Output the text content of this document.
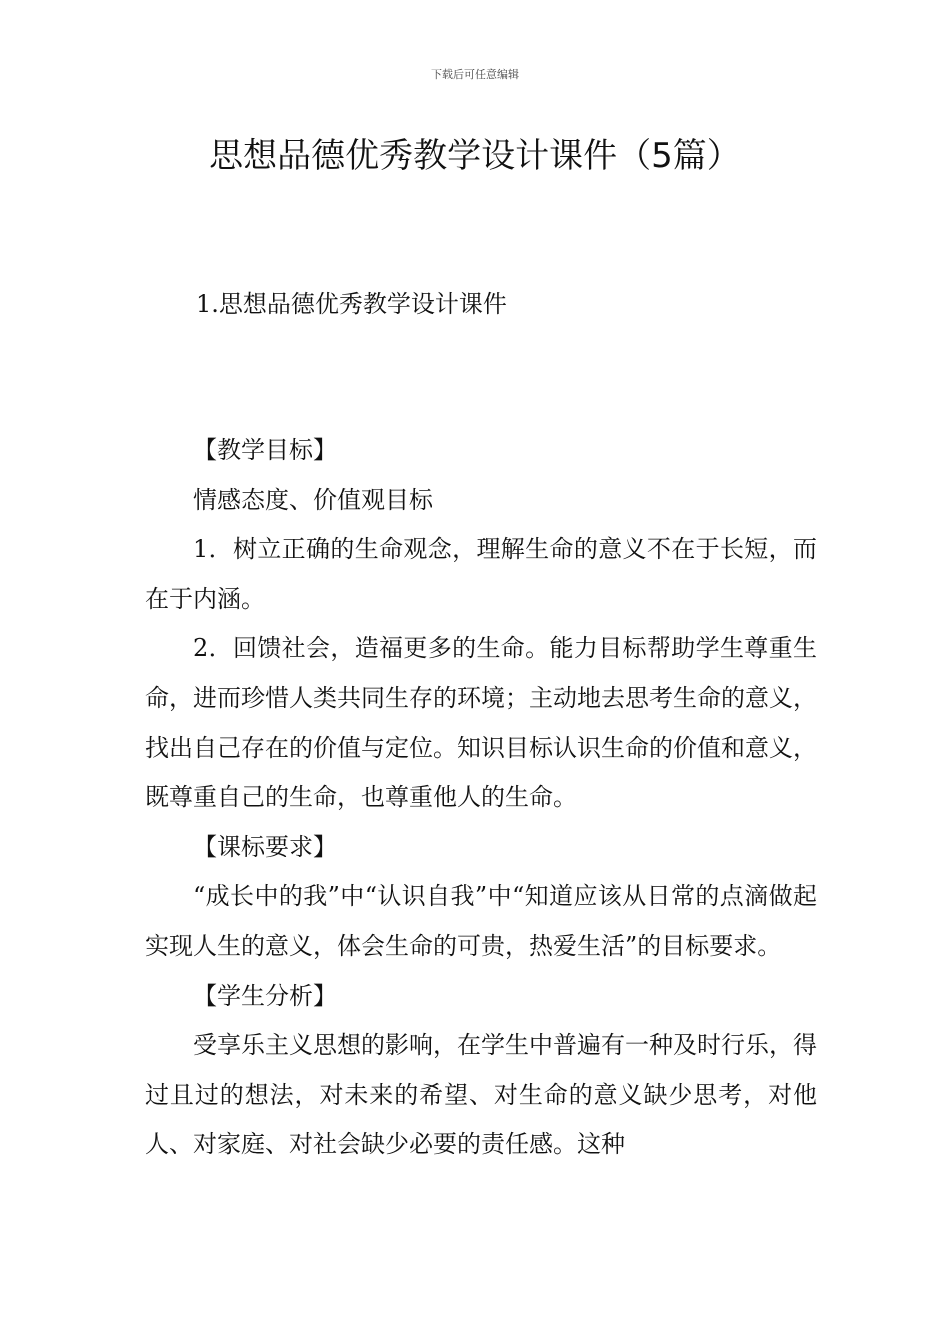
下载后可任意编辑
思想品德优秀教学设计课件（5篇）
1.思想品德优秀教学设计课件

【教学目标】

情感态度、价值观目标

1．树立正确的生命观念，理解生命的意义不在于长短，而在于内涵。

2．回馈社会，造福更多的生命。能力目标帮助学生尊重生命，进而珍惜人类共同生存的环境；主动地去思考生命的意义，找出自己存在的价值与定位。知识目标认识生命的价值和意义，既尊重自己的生命，也尊重他人的生命。

【课标要求】

“成长中的我”中“认识自我”中“知道应该从日常的点滴做起实现人生的意义，体会生命的可贵，热爱生活”的目标要求。

【学生分析】

受享乐主义思想的影响，在学生中普遍有一种及时行乐，得过且过的想法，对未来的希望、对生命的意义缺少思考，对他人、对家庭、对社会缺少必要的责任感。这种
